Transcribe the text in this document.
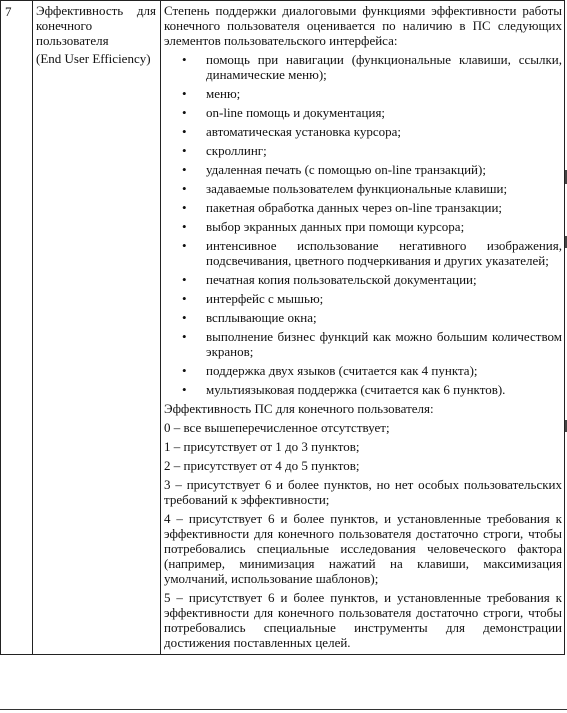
7	Эффективность для конечного пользователя
(End User Efficiency)

Степень поддержки диалоговыми функциями эффективности работы конечного пользователя оценивается по наличию в ПС следующих элементов пользовательского интерфейса:
• помощь при навигации (функциональные клавиши, ссылки, динамические меню);
• меню;
• on-line помощь и документация;
• автоматическая установка курсора;
• скроллинг;
• удаленная печать (с помощью on-line транзакций);
• задаваемые пользователем функциональные клавиши;
• пакетная обработка данных через on-line транзакции;
• выбор экранных данных при помощи курсора;
• интенсивное использование негативного изображения, подсвечивания, цветного подчеркивания и других указателей;
• печатная копия пользовательской документации;
• интерфейс с мышью;
• всплывающие окна;
• выполнение бизнес функций как можно большим количеством экранов;
• поддержка двух языков (считается как 4 пункта);
• мультиязыковая поддержка (считается как 6 пунктов).
Эффективность ПС для конечного пользователя:
0 – все вышеперечисленное отсутствует;
1 – присутствует от 1 до 3 пунктов;
2 – присутствует от 4 до 5 пунктов;
3 – присутствует 6 и более пунктов, но нет особых пользовательских требований к эффективности;
4 – присутствует 6 и более пунктов, и установленные требования к эффективности для конечного пользователя достаточно строги, чтобы потребовались специальные исследования человеческого фактора (например, минимизация нажатий на клавиши, максимизация умолчаний, использование шаблонов);
5 – присутствует 6 и более пунктов, и установленные требования к эффективности для конечного пользователя достаточно строги, чтобы потребовались специальные инструменты для демонстрации достижения поставленных целей.
